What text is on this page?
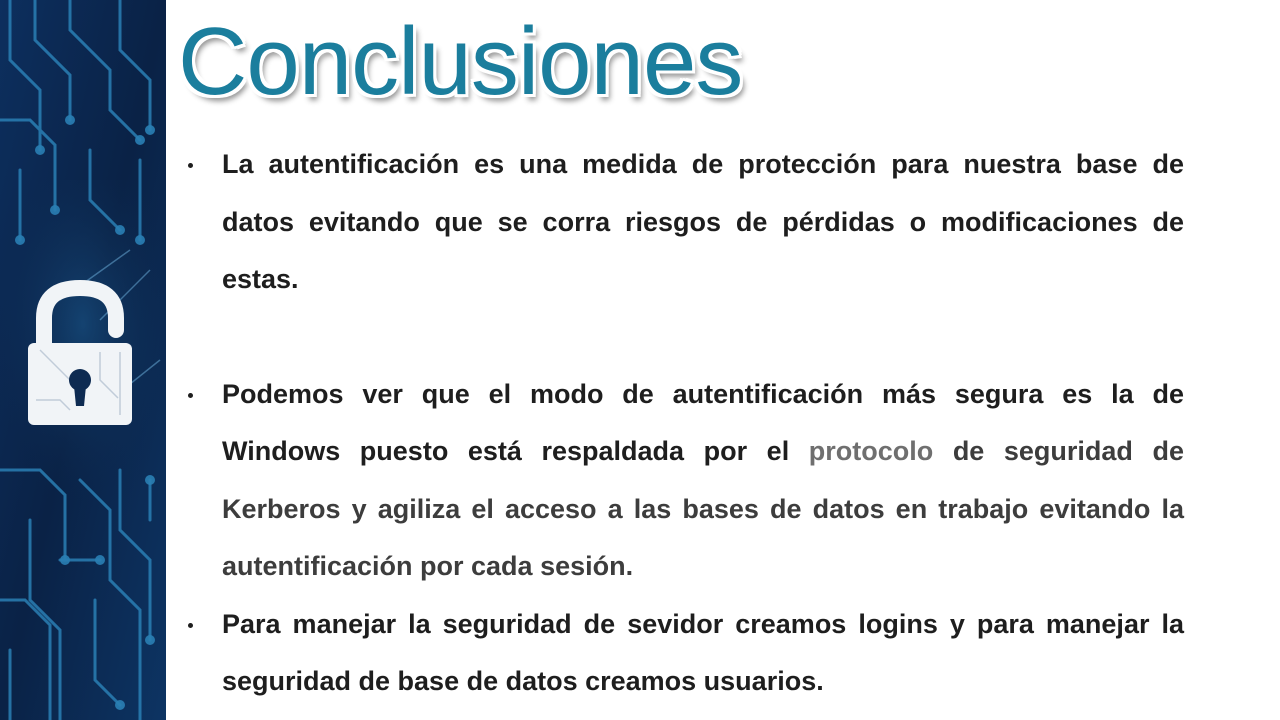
Conclusiones
La autentificación es una medida de protección para nuestra base de datos evitando que se corra riesgos de pérdidas o modificaciones de estas.
Podemos ver que el modo de autentificación más segura es la de Windows puesto está respaldada por el protocolo de seguridad de Kerberos y agiliza el acceso a las bases de datos en trabajo evitando la autentificación por cada sesión.
Para manejar la seguridad de sevidor creamos logins y para manejar la seguridad de base de datos creamos usuarios.
